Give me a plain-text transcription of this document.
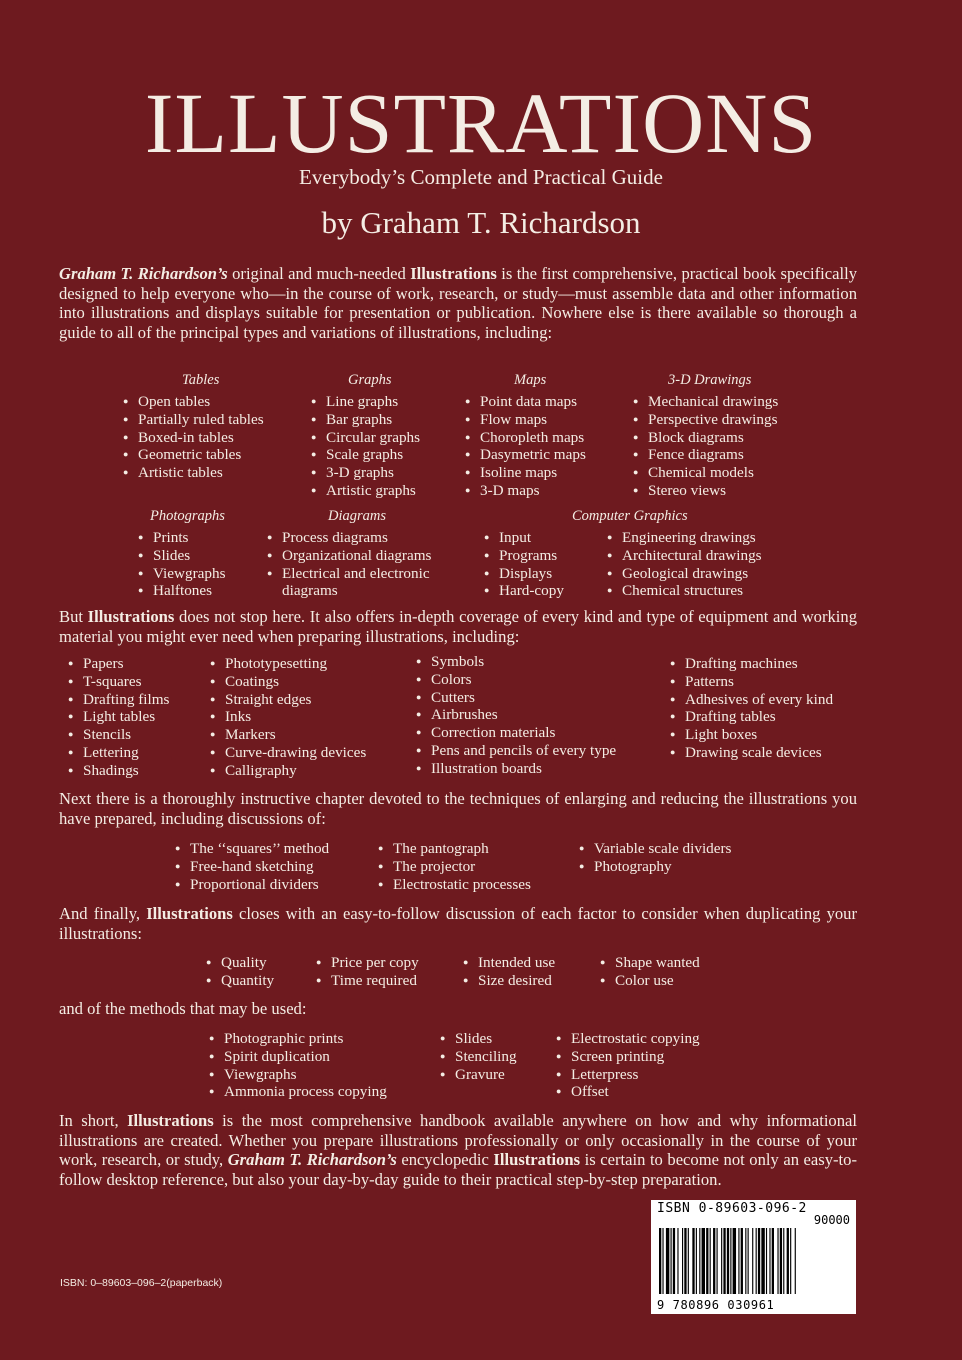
ILLUSTRATIONS
Everybody’s Complete and Practical Guide
by Graham T. Richardson
Graham T. Richardson’s original and much-needed Illustrations is the first comprehensive, practical book specifically designed to help everyone who—in the course of work, research, or study—must assemble data and other information into illustrations and displays suitable for presentation or publication. Nowhere else is there available so thorough a guide to all of the principal types and variations of illustrations, including:
Tables	Graphs	Maps	3-D Drawings
● Open tables
● Partially ruled tables
● Boxed-in tables
● Geometric tables
● Artistic tables
● Line graphs
● Bar graphs
● Circular graphs
● Scale graphs
● 3-D graphs
● Artistic graphs
● Point data maps
● Flow maps
● Choropleth maps
● Dasymetric maps
● Isoline maps
● 3-D maps
● Mechanical drawings
● Perspective drawings
● Block diagrams
● Fence diagrams
● Chemical models
● Stereo views
Photographs	Diagrams	Computer Graphics
● Prints
● Slides
● Viewgraphs
● Halftones
● Process diagrams
● Organizational diagrams
● Electrical and electronic
diagrams
● Input
● Programs
● Displays
● Hard-copy
● Engineering drawings
● Architectural drawings
● Geological drawings
● Chemical structures
But Illustrations does not stop here. It also offers in-depth coverage of every kind and type of equipment and working material you might ever need when preparing illustrations, including:
● Papers
● T-squares
● Drafting films
● Light tables
● Stencils
● Lettering
● Shadings
● Phototypesetting
● Coatings
● Straight edges
● Inks
● Markers
● Curve-drawing devices
● Calligraphy
● Symbols
● Colors
● Cutters
● Airbrushes
● Correction materials
● Pens and pencils of every type
● Illustration boards
● Drafting machines
● Patterns
● Adhesives of every kind
● Drafting tables
● Light boxes
● Drawing scale devices
Next there is a thoroughly instructive chapter devoted to the techniques of enlarging and reducing the illustrations you have prepared, including discussions of:
● The ‘‘squares’’ method
● Free-hand sketching
● Proportional dividers
● The pantograph
● The projector
● Electrostatic processes
● Variable scale dividers
● Photography
And finally, Illustrations closes with an easy-to-follow discussion of each factor to consider when duplicating your illustrations:
● Quality
● Quantity
● Price per copy
● Time required
● Intended use
● Size desired
● Shape wanted
● Color use
and of the methods that may be used:
● Photographic prints
● Spirit duplication
● Viewgraphs
● Ammonia process copying
● Slides
● Stenciling
● Gravure
● Electrostatic copying
● Screen printing
● Letterpress
● Offset
In short, Illustrations is the most comprehensive handbook available anywhere on how and why informational illustrations are created. Whether you prepare illustrations professionally or only occasionally in the course of your work, research, or study, Graham T. Richardson’s encyclopedic Illustrations is certain to become not only an easy-to-follow desktop reference, but also your day-by-day guide to their practical step-by-step preparation.
ISBN: 0–89603–096–2(paperback)
ISBN 0-89603-096-2
90000
9 780896 030961
